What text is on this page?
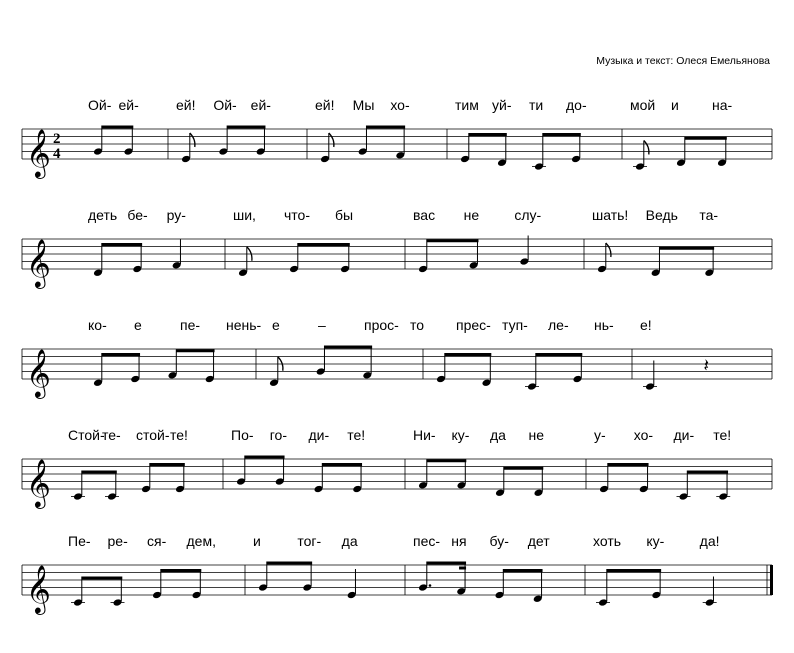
Музыка и текст: Олеся Емельянова
Ой- ей-	ей! Ой- ей-	ей! Мы хо-	тим уй- ти до-	мой и на-
𝄞 2
4
деть бе- ру-	ши, что- бы	вас не	слу-	шать! Ведь та-
𝄞
ко- е	пе- нень- е	–	прос- то прес- туп- ле- нь- е!
𝄞	𝄽
Стой-
те- стой- те!	По- го- ди- те!	Ни- ку- да не	у- хо- ди- те!
𝄞
Пе- ре- ся- дем,	и	тог- да	пес- ня бу- дет	хоть ку-	да!
𝄞
